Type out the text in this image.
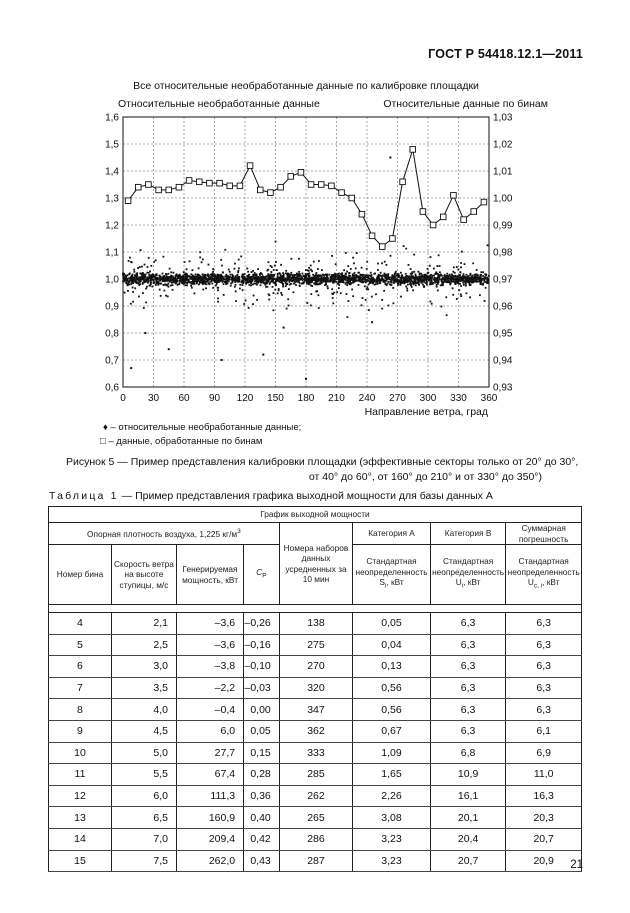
ГОСТ Р 54418.12.1—2011
Все относительные необработанные данные по калибровке площадки
Относительные необработанные данные	Относительные данные по бинам
0 30 60 90 120 150 180 210 240 270 300 330 360
1,6
1,5
1,4
1,3
1,2
1,1
1,0
0,9
0,8
0,7
0,6
1,03
1,02
1,01
1,00
0,99
0,98
0,97
0,96
0,95
0,94
0,93
Направление ветра, град
♦ – относительные необработанные данные;
□ – данные, обработанные по бинам
Рисунок 5 — Пример представления калибровки площадки (эффективные секторы только от 20° до 30°,
от 40° до 60°, от 160° до 210° и от 330° до 350°)
Таблица 1 — Пример представления графика выходной мощности для базы данных А
График выходной мощности							
Опорная плотность воздуха, 1,225 $кг/м^3$				Номера наборов данных усредненных за 10 мин	Категория А	Категория В	Суммарная погрешность
Номер бина	Скорость ветра на высоте ступицы, м/с	Генерируемая мощность, кВт	$C_P$		Стандартная неопределенность $S_i$, кВт	Стандартная неопределенность $U_i$, кВт	Стандартная неопределенность $U_{c, i}$, кВт

4	2,1	–3,6	–0,26	138	0,05	6,3	6,3
5	2,5	–3,6	–0,16	275	0,04	6,3	6,3
6	3,0	–3,8	–0,10	270	0,13	6,3	6,3
7	3,5	–2,2	–0,03	320	0,56	6,3	6,3
8	4,0	–0,4	0,00	347	0,56	6,3	6,3
9	4,5	6,0	0,05	362	0,67	6,3	6,1
10	5,0	27,7	0,15	333	1,09	6,8	6,9
11	5,5	67,4	0,28	285	1,65	10,9	11,0
12	6,0	111,3	0,36	262	2,26	16,1	16,3
13	6,5	160,9	0,40	265	3,08	20,1	20,3
14	7,0	209,4	0,42	286	3,23	20,4	20,7
15	7,5	262,0	0,43	287	3,23	20,7	20,9 21
